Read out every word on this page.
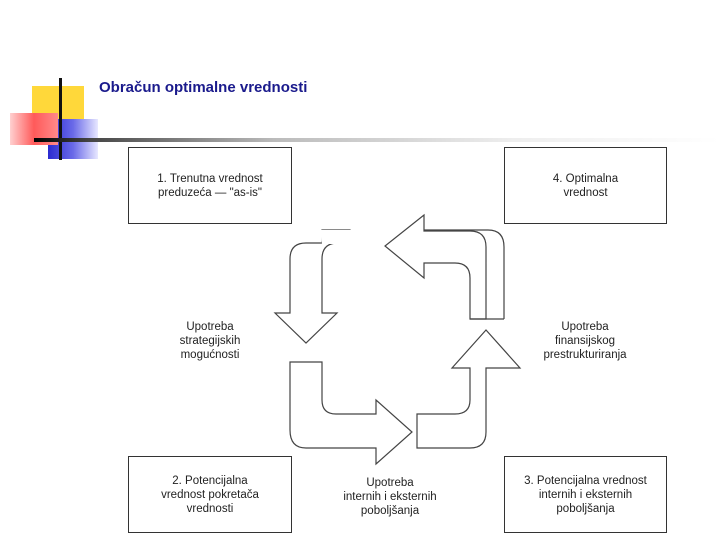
Obračun optimalne vrednosti
1. Trenutna vrednost
preduzeća — "as-is"
4. Optimalna
vrednost
2. Potencijalna
vrednost pokretača
vrednosti
3. Potencijalna vrednost
internih i eksternih
poboljšanja
Upotreba
strategijskih
mogućnosti
Upotreba
finansijskog
prestrukturiranja
Upotreba
internih i eksternih
poboljšanja
